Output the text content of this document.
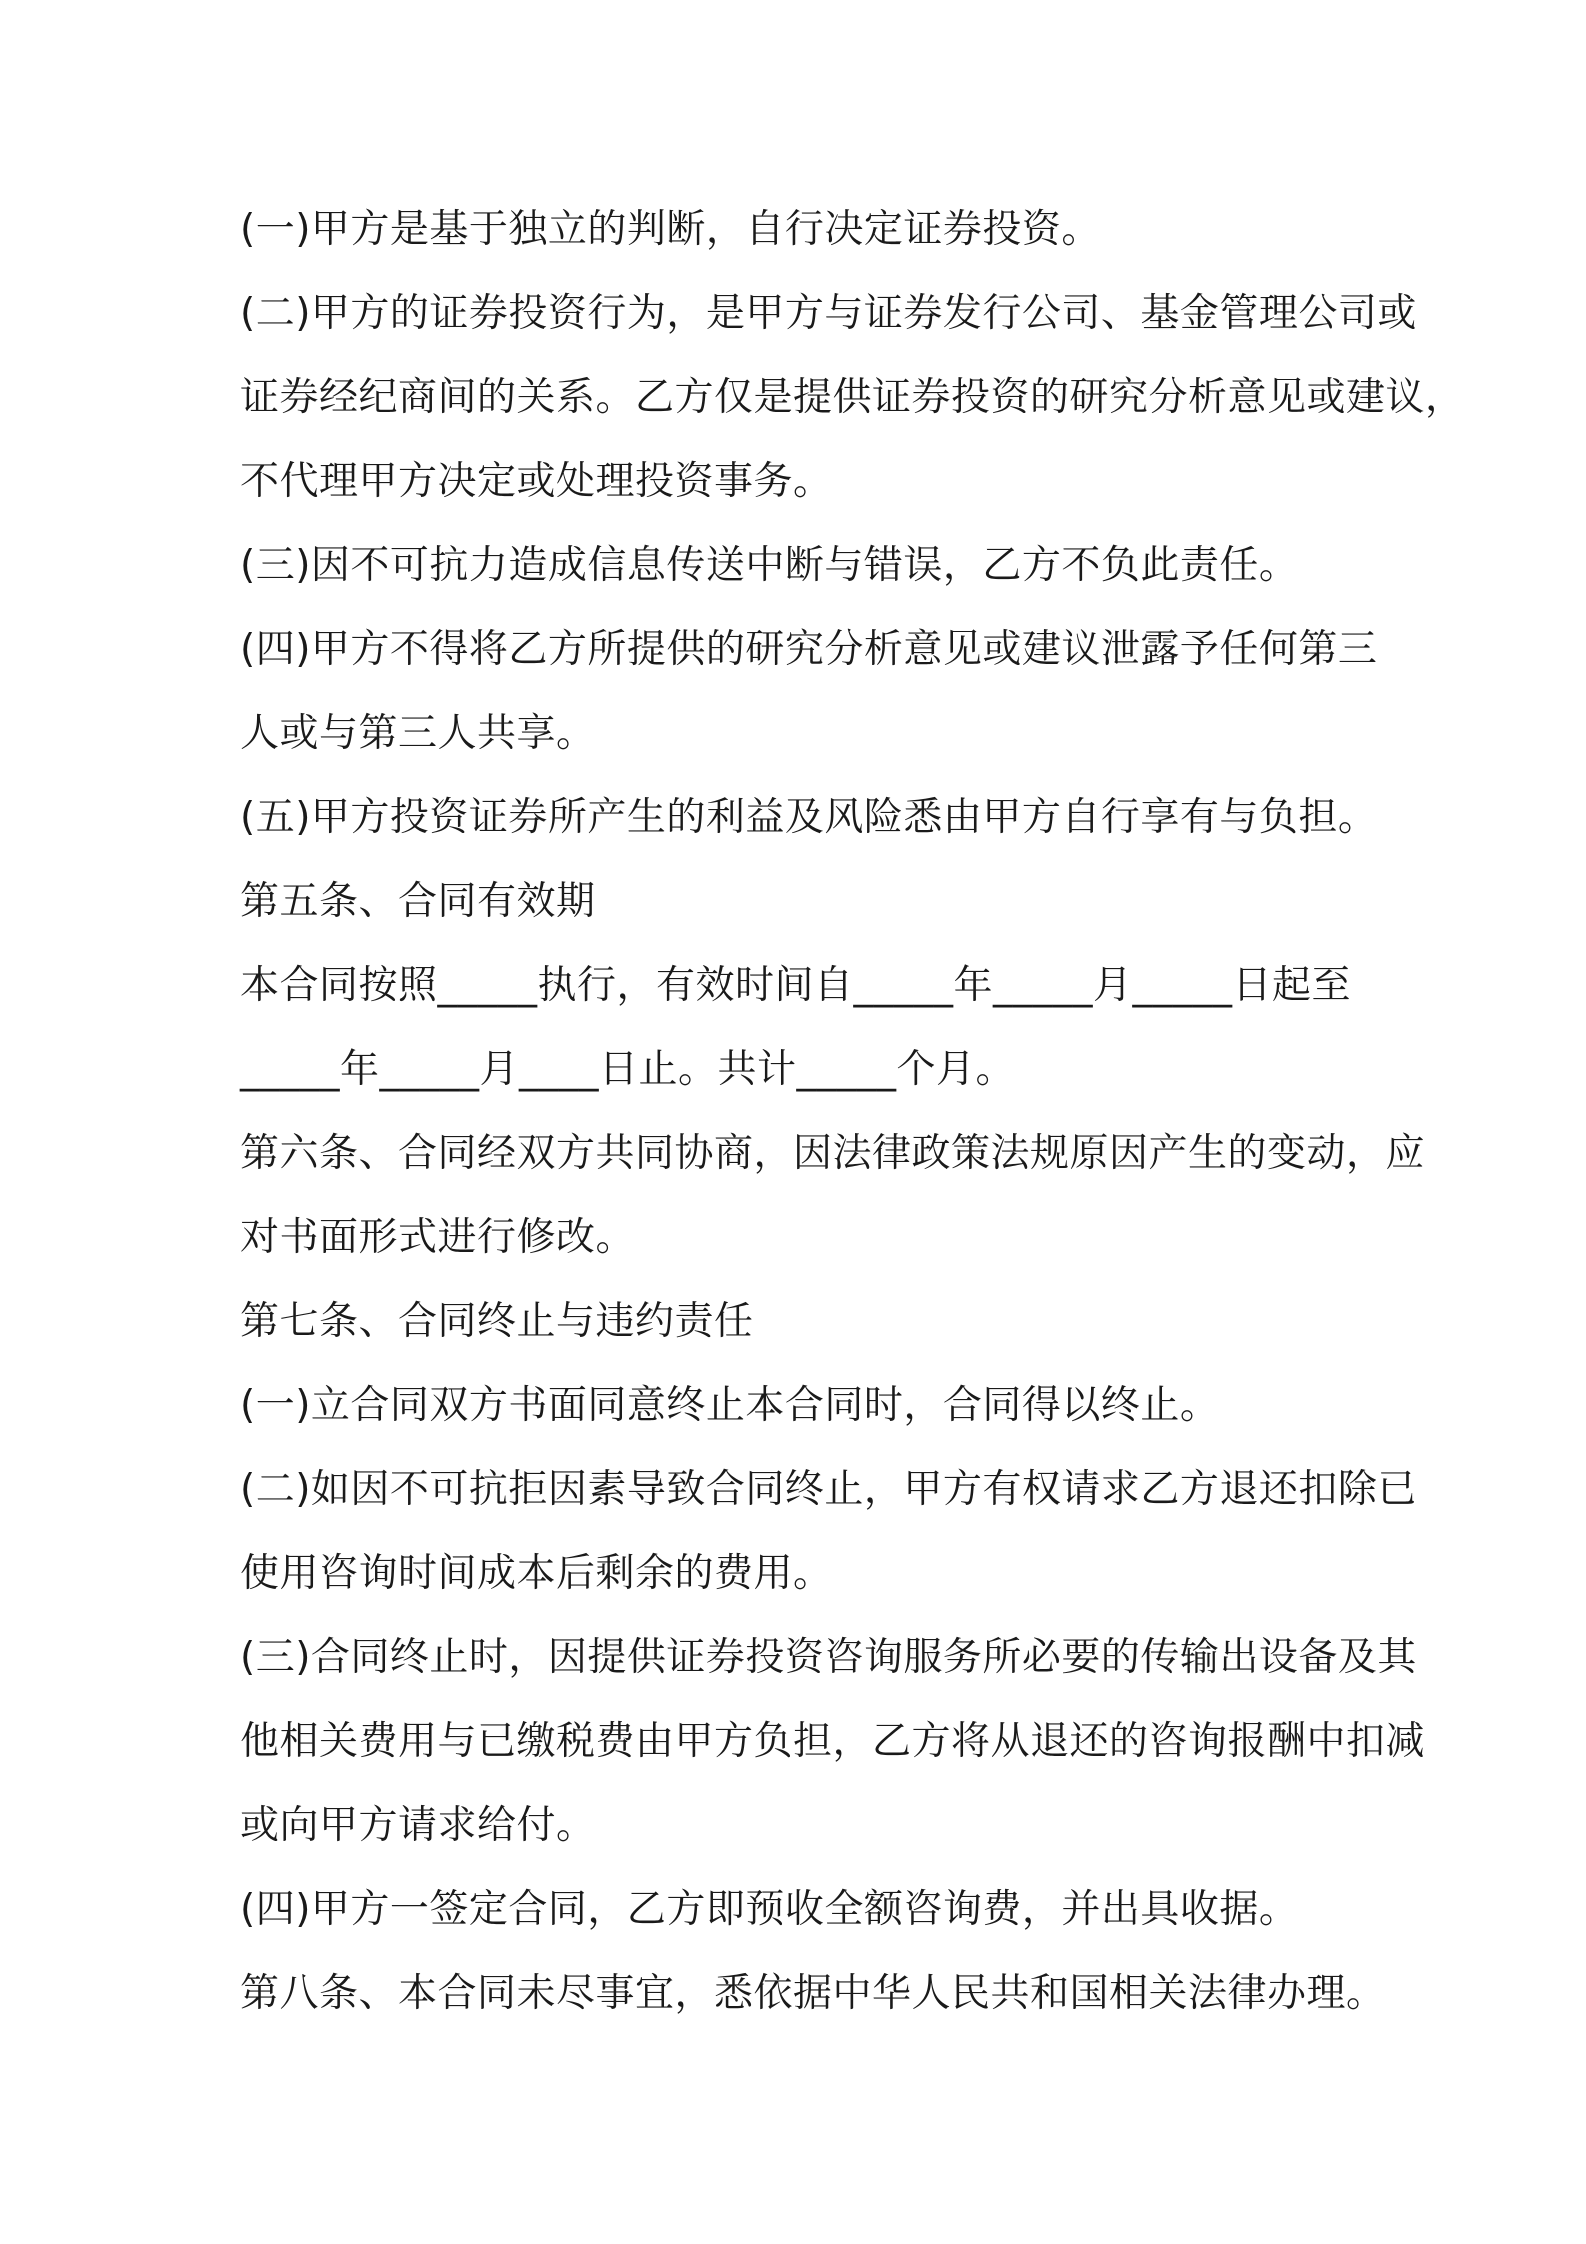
(一)甲方是基于独立的判断，自行决定证券投资。
(二)甲方的证券投资行为，是甲方与证券发行公司、基金管理公司或
证券经纪商间的关系。乙方仅是提供证券投资的研究分析意见或建议，
不代理甲方决定或处理投资事务。
(三)因不可抗力造成信息传送中断与错误，乙方不负此责任。
(四)甲方不得将乙方所提供的研究分析意见或建议泄露予任何第三
人或与第三人共享。
(五)甲方投资证券所产生的利益及风险悉由甲方自行享有与负担。
第五条、合同有效期
本合同按照_____执行，有效时间自_____年_____月_____日起至
_____年_____月____日止。共计_____个月。
第六条、合同经双方共同协商，因法律政策法规原因产生的变动，应
对书面形式进行修改。
第七条、合同终止与违约责任
(一)立合同双方书面同意终止本合同时，合同得以终止。
(二)如因不可抗拒因素导致合同终止，甲方有权请求乙方退还扣除已
使用咨询时间成本后剩余的费用。
(三)合同终止时，因提供证券投资咨询服务所必要的传输出设备及其
他相关费用与已缴税费由甲方负担，乙方将从退还的咨询报酬中扣减
或向甲方请求给付。
(四)甲方一签定合同，乙方即预收全额咨询费，并出具收据。
第八条、本合同未尽事宜，悉依据中华人民共和国相关法律办理。
